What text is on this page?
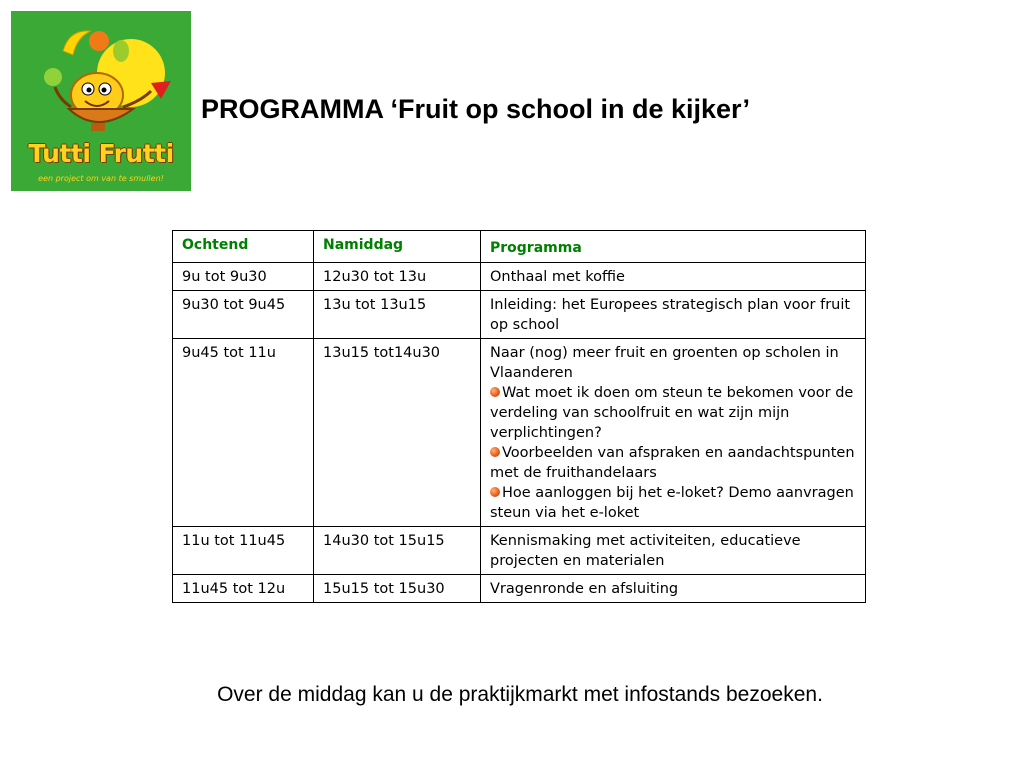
Tutti Frutti
een project om van te smullen!
PROGRAMMA ‘Fruit op school in de kijker’
Ochtend	Namiddag	Programma
9u tot 9u30	12u30 tot 13u	Onthaal met koffie
9u30 tot 9u45	13u tot 13u15	Inleiding: het Europees strategisch plan voor fruit op school
9u45 tot 11u	13u15 tot14u30	Naar (nog) meer fruit en groenten op scholen in Vlaanderen
Wat moet ik doen om steun te bekomen voor de verdeling van schoolfruit en wat zijn mijn verplichtingen?
Voorbeelden van afspraken en aandachtspunten met de fruithandelaars
Hoe aanloggen bij het e-loket? Demo aanvragen steun via het e-loket

11u tot 11u45	14u30 tot 15u15	Kennismaking met activiteiten, educatieve projecten en materialen
11u45 tot 12u	15u15 tot 15u30	Vragenronde en afsluiting

Over de middag kan u de praktijkmarkt met infostands bezoeken.
